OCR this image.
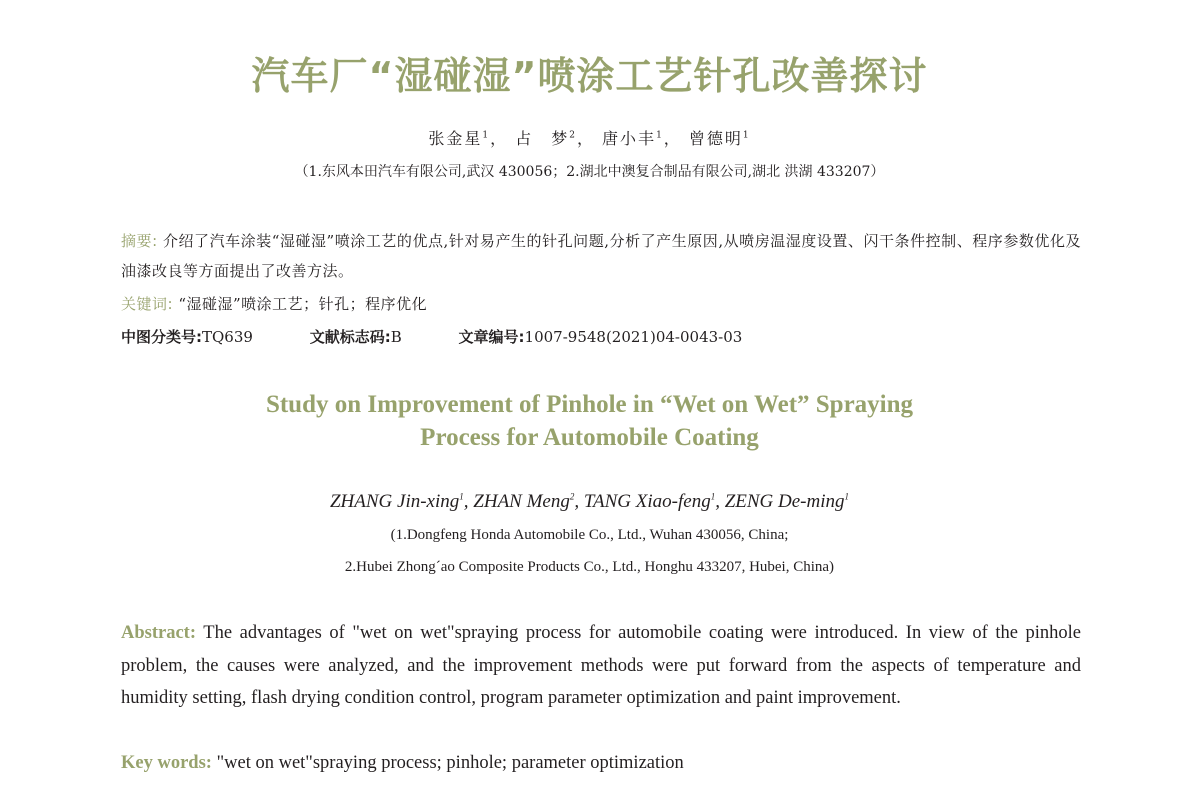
汽车厂“湿碰湿”喷涂工艺针孔改善探讨
张金星$^1$， 占　梦$^2$， 唐小丰$^1$， 曾德明$^1$
（1.东风本田汽车有限公司,武汉 430056；2.湖北中澳复合制品有限公司,湖北 洪湖 433207）
摘要: 介绍了汽车涂装“湿碰湿”喷涂工艺的优点,针对易产生的针孔问题,分析了产生原因,从喷房温湿度设置、闪干条件控制、程序参数优化及油漆改良等方面提出了改善方法。
关键词: “湿碰湿”喷涂工艺；针孔；程序优化
中图分类号:TQ639	文献标志码:B	文章编号:1007-9548(2021)04-0043-03
Study on Improvement of Pinhole in “Wet on Wet” Spraying
Process for Automobile Coating
ZHANG Jin-xing$^1$, ZHAN Meng$^2$, TANG Xiao-feng$^1$, ZENG De-ming$^1$
(1.Dongfeng Honda Automobile Co., Ltd., Wuhan 430056, China;
2.Hubei Zhong´ao Composite Products Co., Ltd., Honghu 433207, Hubei, China)
Abstract: The advantages of "wet on wet"spraying process for automobile coating were introduced. In view of the pinhole problem, the causes were analyzed, and the improvement methods were put forward from the aspects of temperature and humidity setting, flash drying condition control, program parameter optimization and paint improvement.
Key words: "wet on wet"spraying process; pinhole; parameter optimization
